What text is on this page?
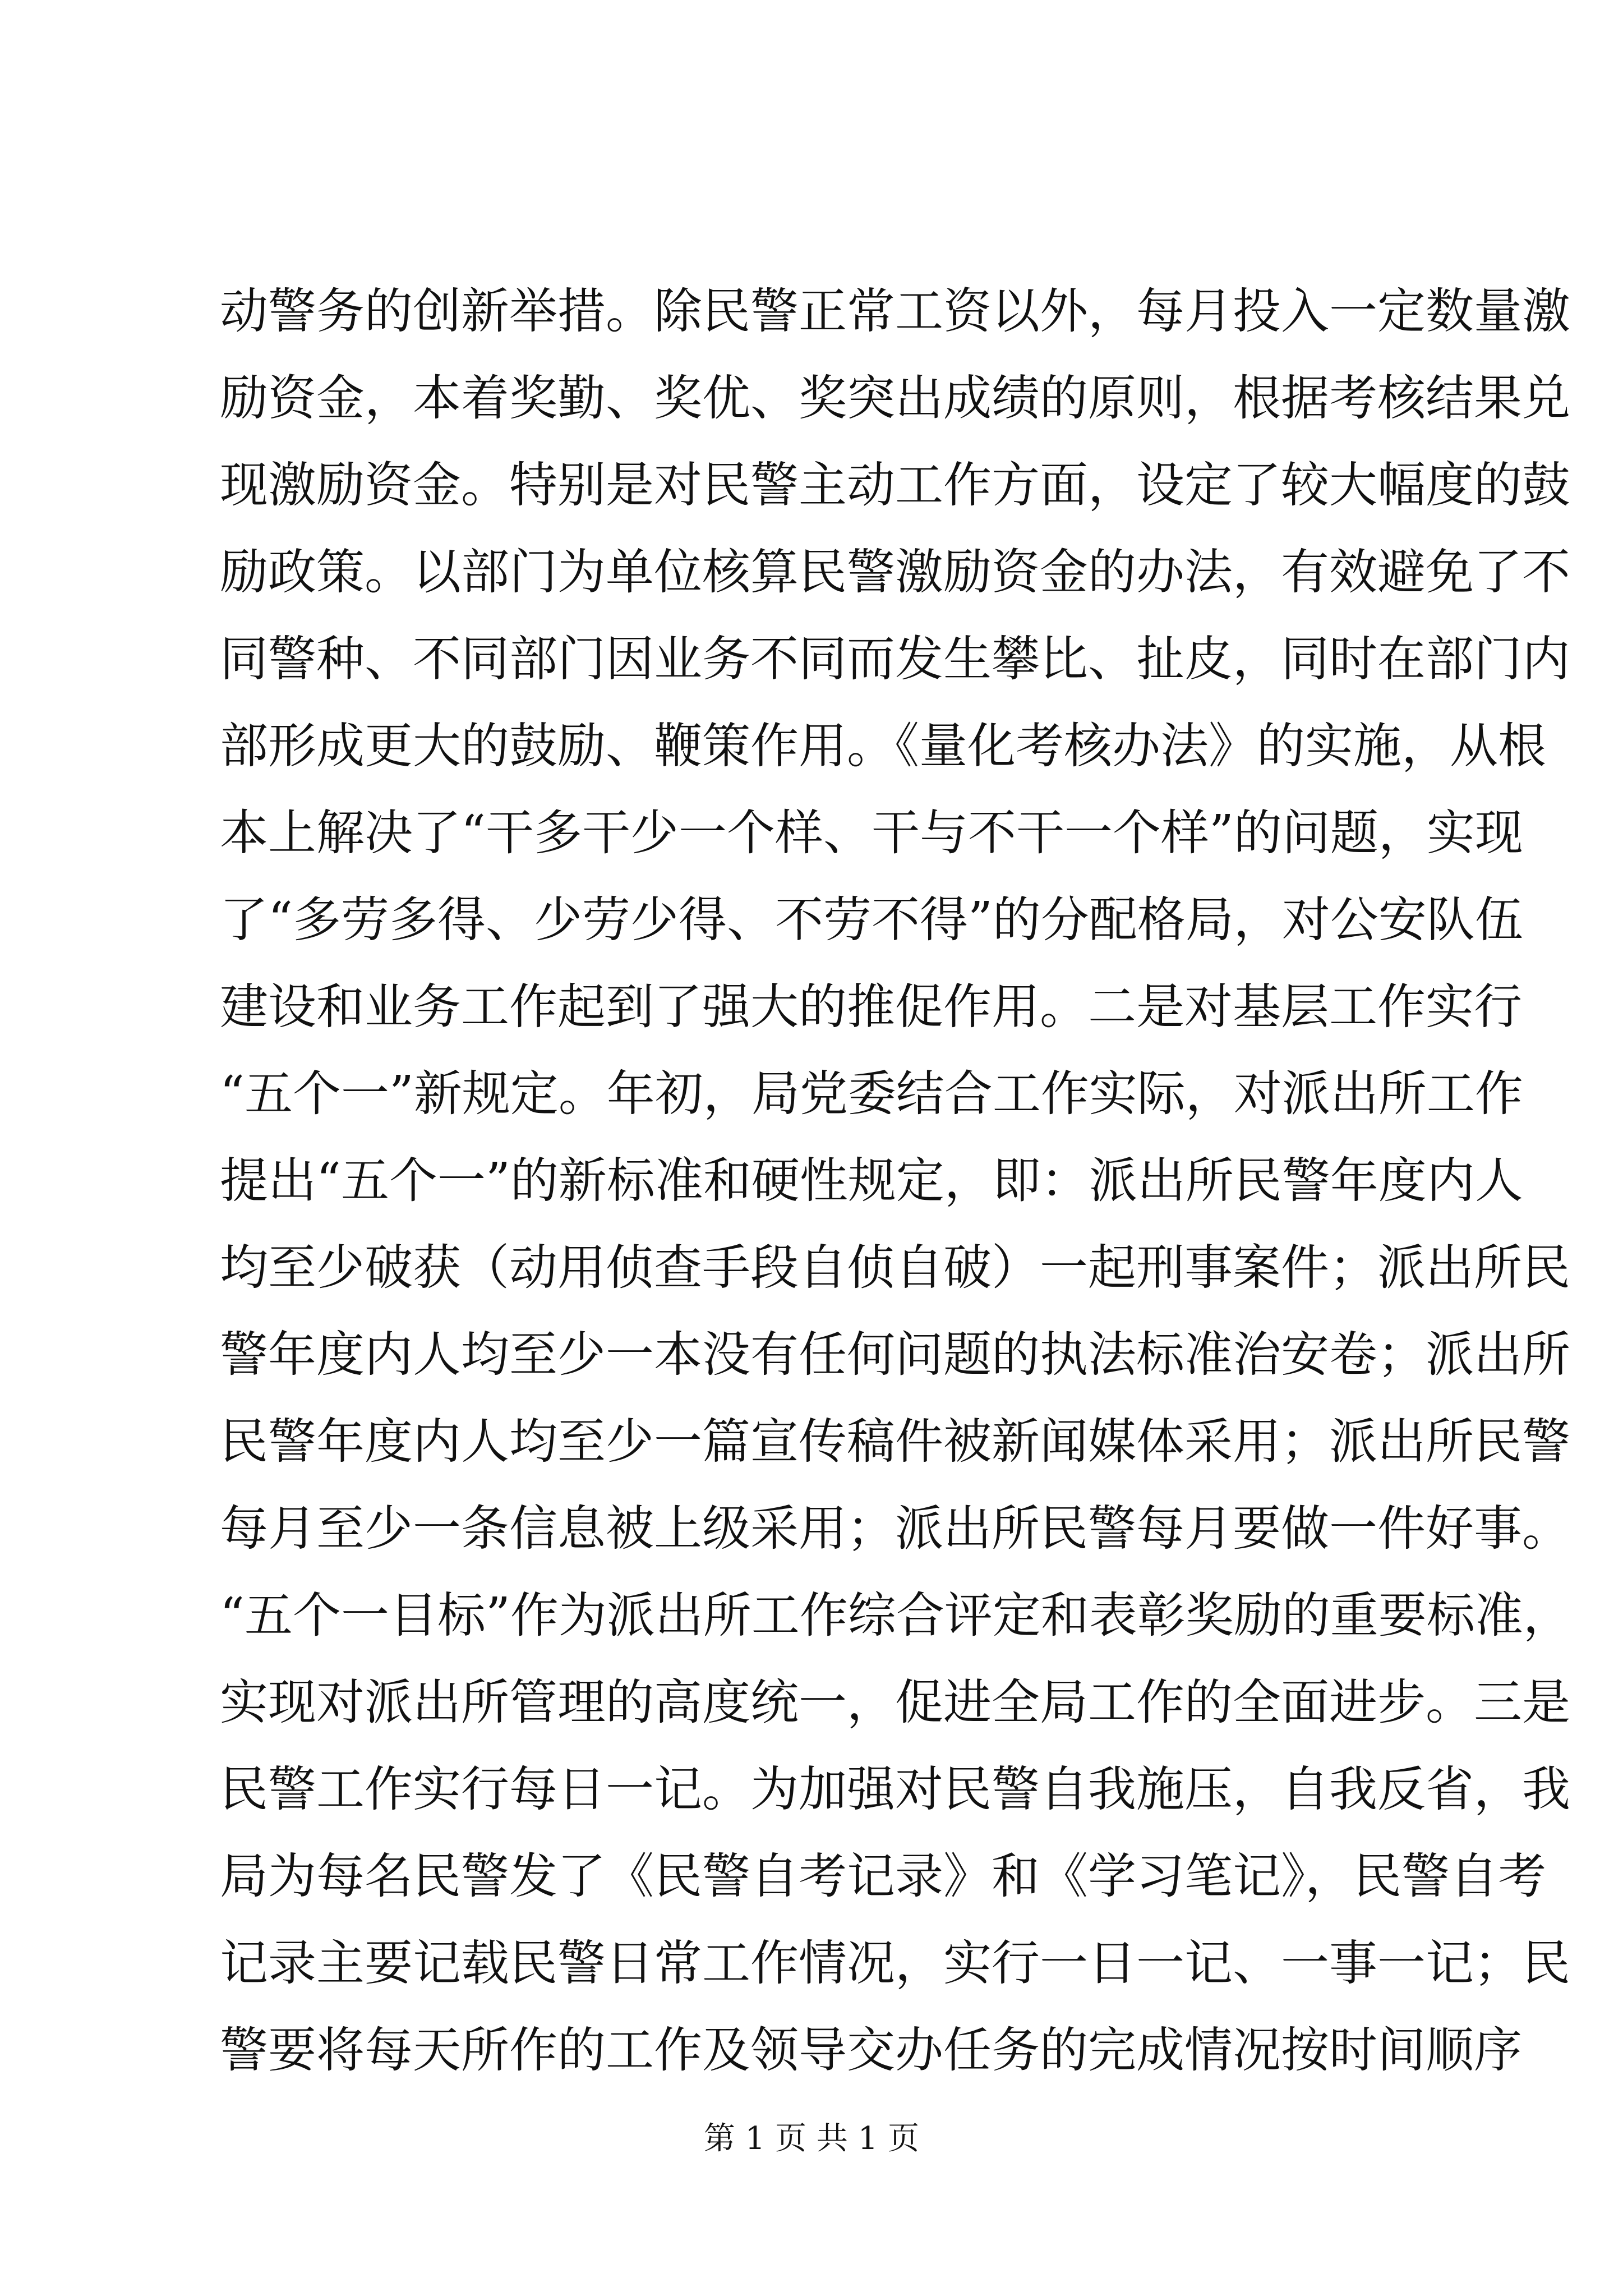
动警务的创新举措。除民警正常工资以外，每月投入一定数量激
励资金，本着奖勤、奖优、奖突出成绩的原则，根据考核结果兑
现激励资金。特别是对民警主动工作方面，设定了较大幅度的鼓
励政策。以部门为单位核算民警激励资金的办法，有效避免了不
同警种、不同部门因业务不同而发生攀比、扯皮，同时在部门内
部形成更大的鼓励、鞭策作用。《量化考核办法》的实施，从根
本上解决了“干多干少一个样、干与不干一个样”的问题，实现
了“多劳多得、少劳少得、不劳不得”的分配格局，对公安队伍
建设和业务工作起到了强大的推促作用。二是对基层工作实行
“五个一”新规定。年初，局党委结合工作实际，对派出所工作
提出“五个一”的新标准和硬性规定，即：派出所民警年度内人
均至少破获（动用侦查手段自侦自破）一起刑事案件；派出所民
警年度内人均至少一本没有任何问题的执法标准治安卷；派出所
民警年度内人均至少一篇宣传稿件被新闻媒体采用；派出所民警
每月至少一条信息被上级采用；派出所民警每月要做一件好事。
“五个一目标”作为派出所工作综合评定和表彰奖励的重要标准，
实现对派出所管理的高度统一，促进全局工作的全面进步。三是
民警工作实行每日一记。为加强对民警自我施压，自我反省，我
局为每名民警发了《民警自考记录》和《学习笔记》，民警自考
记录主要记载民警日常工作情况，实行一日一记、一事一记；民
警要将每天所作的工作及领导交办任务的完成情况按时间顺序
第 1 页 共 1 页
